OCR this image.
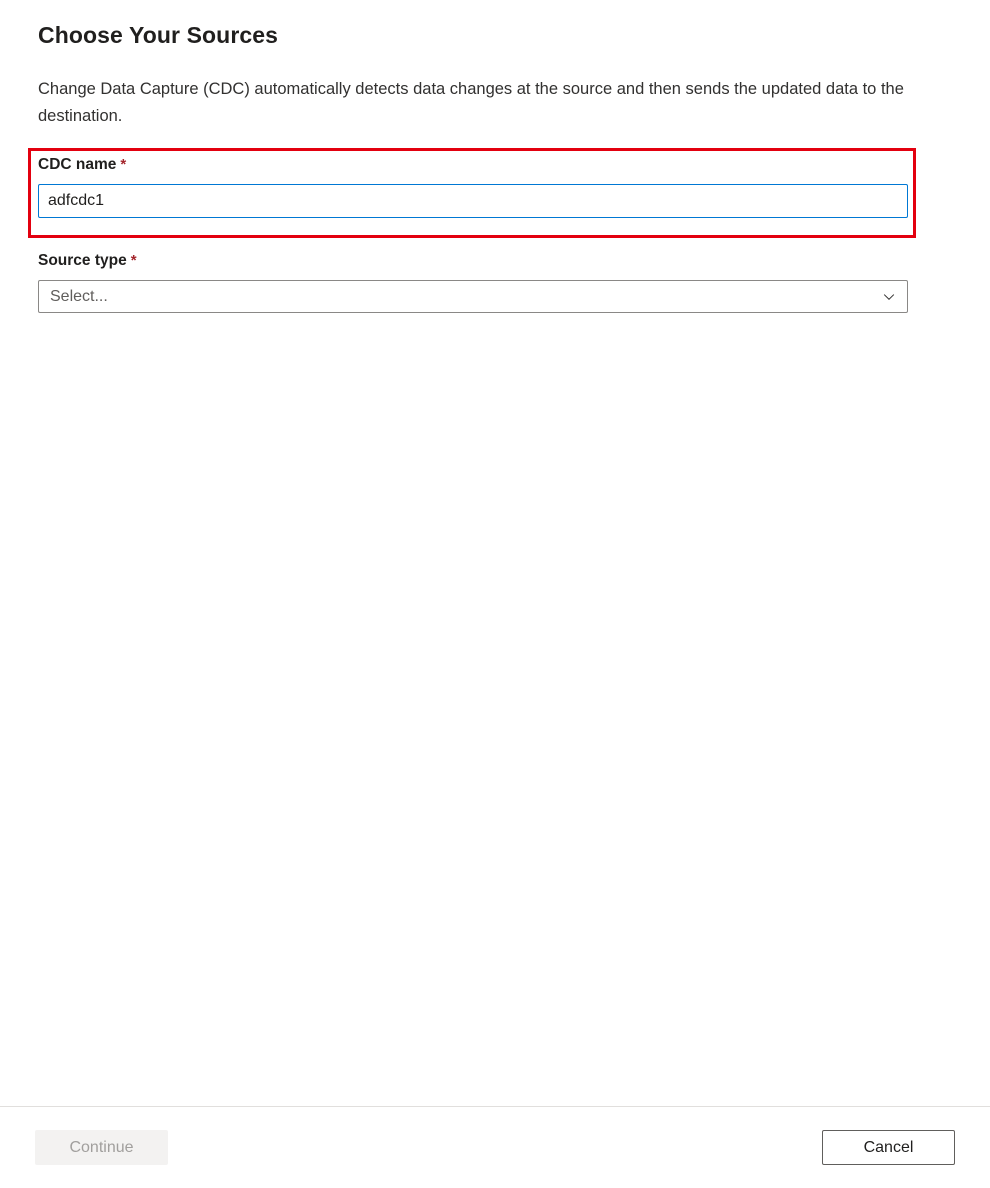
Choose Your Sources

Change Data Capture (CDC) automatically detects data changes at the source and then sends the updated data to the destination.

CDC name *
adfcdc1
Source type *
Select...
Continue	Cancel
